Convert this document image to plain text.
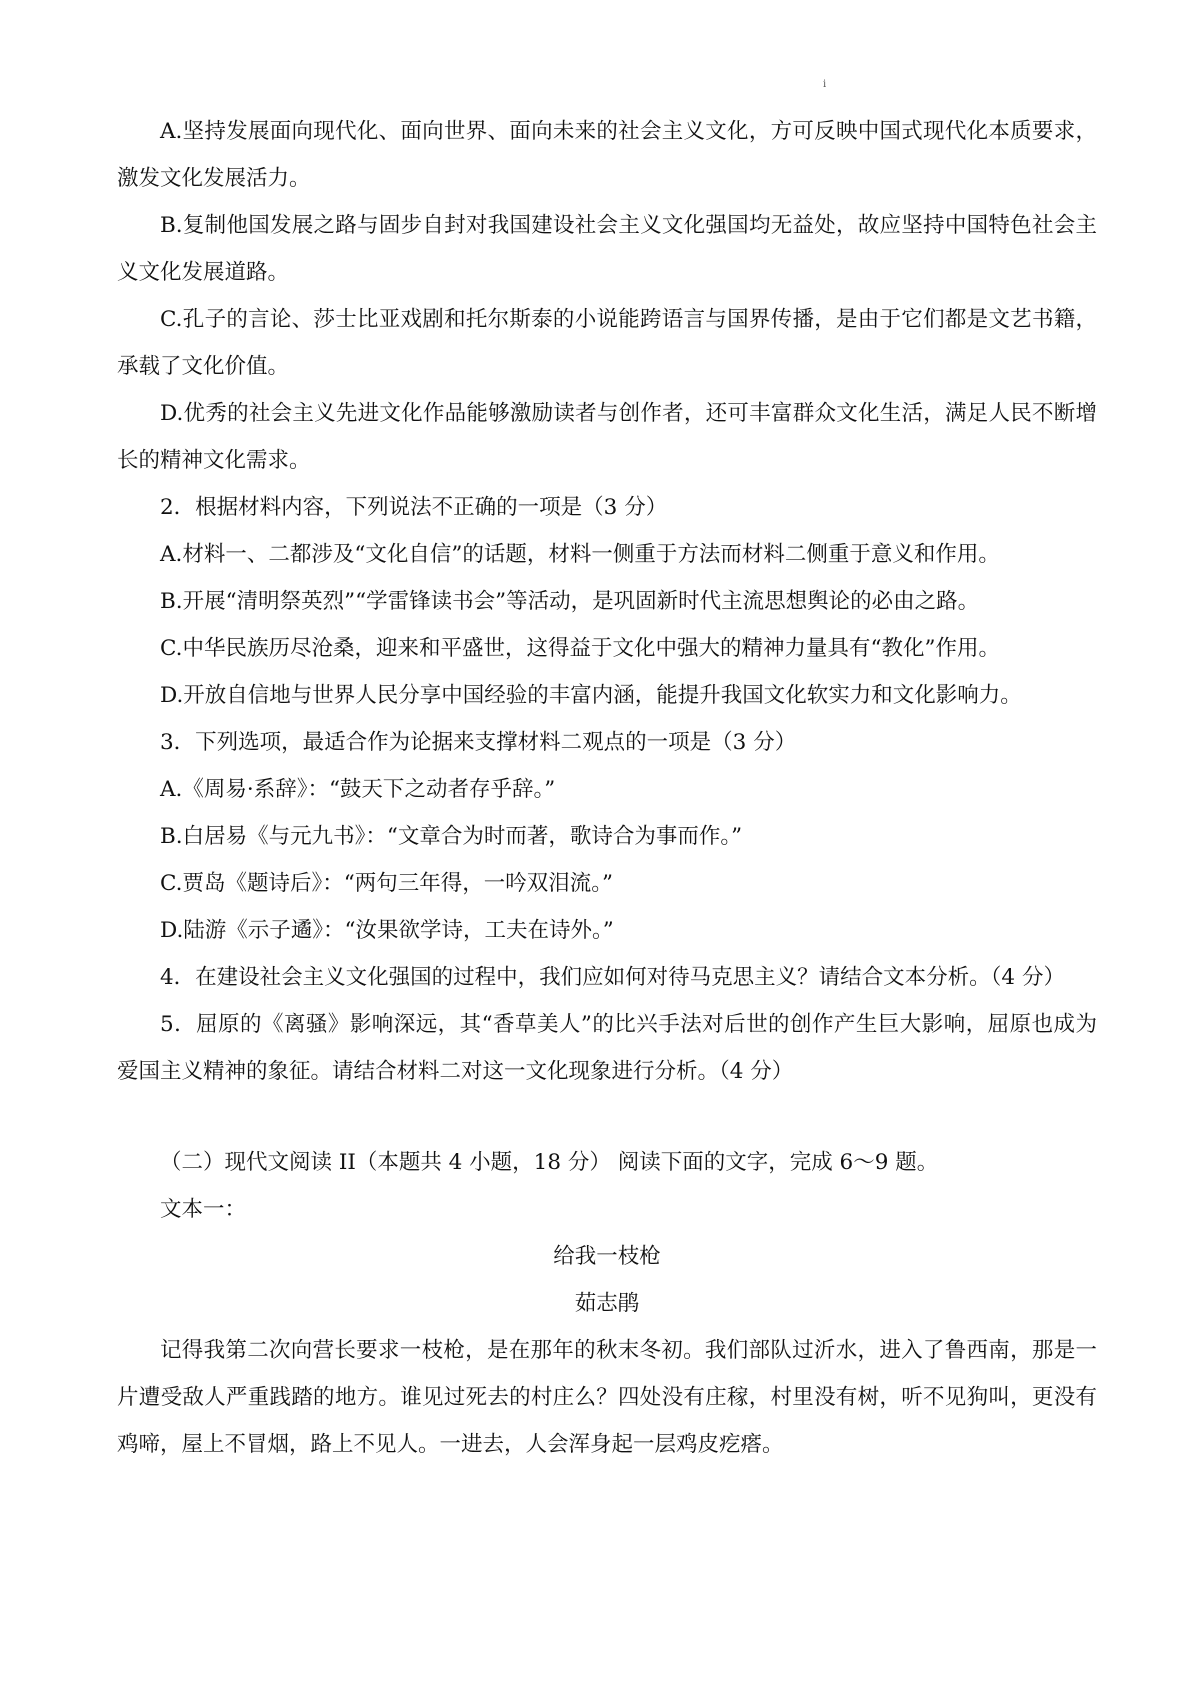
i

A.坚持发展面向现代化、面向世界、面向未来的社会主义文化，方可反映中国式现代化本质要求，激发文化发展活力。

B.复制他国发展之路与固步自封对我国建设社会主义文化强国均无益处，故应坚持中国特色社会主义文化发展道路。

C.孔子的言论、莎士比亚戏剧和托尔斯泰的小说能跨语言与国界传播，是由于它们都是文艺书籍，承载了文化价值。

D.优秀的社会主义先进文化作品能够激励读者与创作者，还可丰富群众文化生活，满足人民不断增长的精神文化需求。

2．根据材料内容，下列说法不正确的一项是（3 分）

A.材料一、二都涉及“文化自信”的话题，材料一侧重于方法而材料二侧重于意义和作用。

B.开展“清明祭英烈”“学雷锋读书会”等活动，是巩固新时代主流思想舆论的必由之路。

C.中华民族历尽沧桑，迎来和平盛世，这得益于文化中强大的精神力量具有“教化”作用。

D.开放自信地与世界人民分享中国经验的丰富内涵，能提升我国文化软实力和文化影响力。

3．下列选项，最适合作为论据来支撑材料二观点的一项是（3 分）

A.《周易·系辞》：“鼓天下之动者存乎辞。”

B.白居易《与元九书》：“文章合为时而著，歌诗合为事而作。”

C.贾岛《题诗后》：“两句三年得，一吟双泪流。”

D.陆游《示子遹》：“汝果欲学诗，工夫在诗外。”

4．在建设社会主义文化强国的过程中，我们应如何对待马克思主义？请结合文本分析。（4 分）

5．屈原的《离骚》影响深远，其“香草美人”的比兴手法对后世的创作产生巨大影响，屈原也成为爱国主义精神的象征。请结合材料二对这一文化现象进行分析。（4 分）

（二）现代文阅读 II（本题共 4 小题，18 分） 阅读下面的文字，完成 6～9 题。

文本一：

给我一枝枪

茹志鹃

记得我第二次向营长要求一枝枪，是在那年的秋末冬初。我们部队过沂水，进入了鲁西南，那是一片遭受敌人严重践踏的地方。谁见过死去的村庄么？四处没有庄稼，村里没有树，听不见狗叫，更没有鸡啼，屋上不冒烟，路上不见人。一进去，人会浑身起一层鸡皮疙瘩。
